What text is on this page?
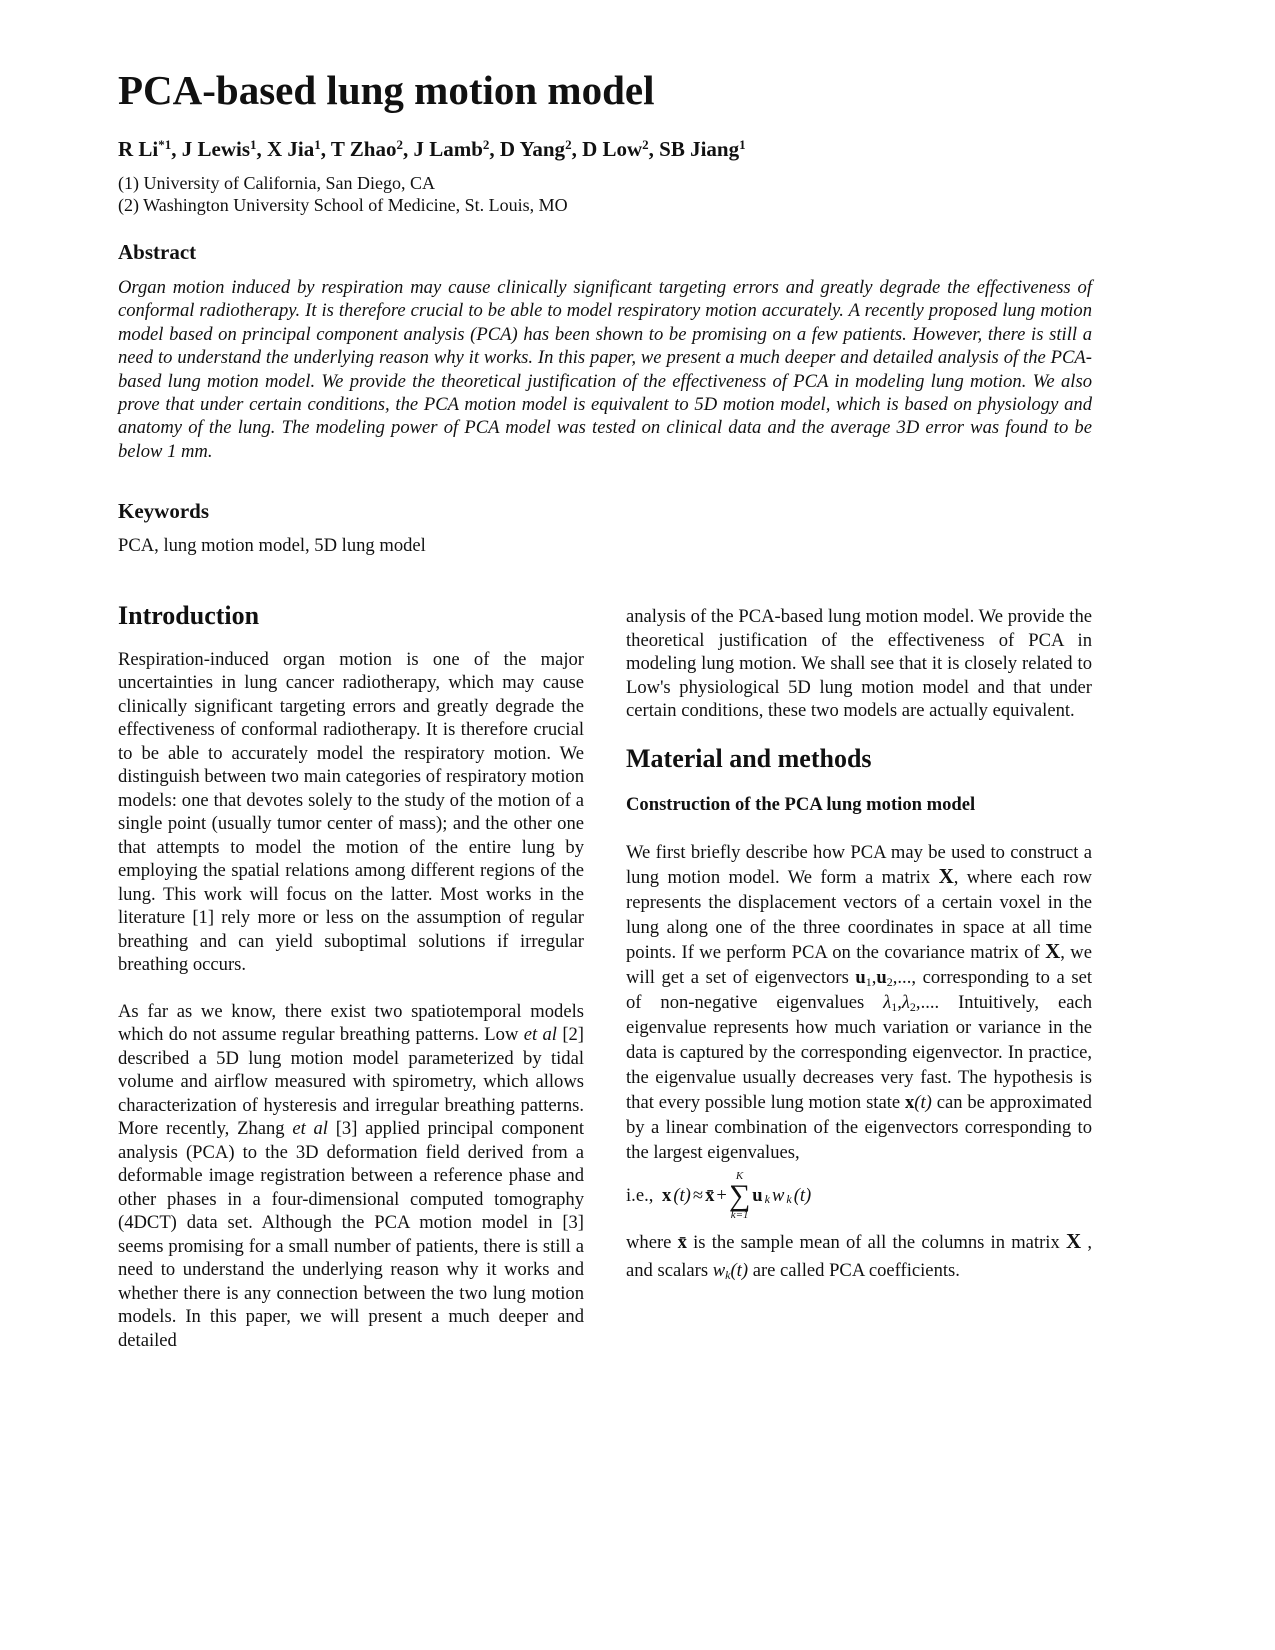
PCA-based lung motion model
R Li$^{*1}$, J Lewis$^1$, X Jia$^1$, T Zhao$^2$, J Lamb$^2$, D Yang$^2$, D Low$^2$, SB Jiang$^1$
(1) University of California, San Diego, CA
(2) Washington University School of Medicine, St. Louis, MO
Abstract
Organ motion induced by respiration may cause clinically significant targeting errors and greatly degrade the effectiveness of conformal radiotherapy. It is therefore crucial to be able to model respiratory motion accurately. A recently proposed lung motion model based on principal component analysis (PCA) has been shown to be promising on a few patients. However, there is still a need to understand the underlying reason why it works. In this paper, we present a much deeper and detailed analysis of the PCA-based lung motion model. We provide the theoretical justification of the effectiveness of PCA in modeling lung motion. We also prove that under certain conditions, the PCA motion model is equivalent to 5D motion model, which is based on physiology and anatomy of the lung. The modeling power of PCA model was tested on clinical data and the average 3D error was found to be below 1 mm.
Keywords
PCA, lung motion model, 5D lung model
Introduction

Respiration-induced organ motion is one of the major uncertainties in lung cancer radiotherapy, which may cause clinically significant targeting errors and greatly degrade the effectiveness of conformal radiotherapy. It is therefore crucial to be able to accurately model the respiratory motion. We distinguish between two main categories of respiratory motion models: one that devotes solely to the study of the motion of a single point (usually tumor center of mass); and the other one that attempts to model the motion of the entire lung by employing the spatial relations among different regions of the lung. This work will focus on the latter. Most works in the literature [1] rely more or less on the assumption of regular breathing and can yield suboptimal solutions if irregular breathing occurs.

As far as we know, there exist two spatiotemporal models which do not assume regular breathing patterns. Low et al [2] described a 5D lung motion model parameterized by tidal volume and airflow measured with spirometry, which allows characterization of hysteresis and irregular breathing patterns. More recently, Zhang et al [3] applied principal component analysis (PCA) to the 3D deformation field derived from a deformable image registration between a reference phase and other phases in a four-dimensional computed tomography (4DCT) data set. Although the PCA motion model in [3] seems promising for a small number of patients, there is still a need to understand the underlying reason why it works and whether there is any connection between the two lung motion models. In this paper, we will present a much deeper and detailed

analysis of the PCA-based lung motion model. We provide the theoretical justification of the effectiveness of PCA in modeling lung motion. We shall see that it is closely related to Low's physiological 5D lung motion model and that under certain conditions, these two models are actually equivalent.

Material and methods
Construction of the PCA lung motion model

We first briefly describe how PCA may be used to construct a lung motion model. We form a matrix X, where each row represents the displacement vectors of a certain voxel in the lung along one of the three coordinates in space at all time points. If we perform PCA on the covariance matrix of X, we will get a set of eigenvectors $u_1,u_2$,..., corresponding to a set of non-negative eigenvalues $\lambda_1,\lambda_2$,.... Intuitively, each eigenvalue represents how much variation or variance in the data is captured by the corresponding eigenvector. In practice, the eigenvalue usually decreases very fast. The hypothesis is that every possible lung motion state x(t) can be approximated by a linear combination of the eigenvectors corresponding to the largest eigenvalues,

i.e.,
x (t) ≈ x̄ +
K
∑
k=1
u $_k$ w $_k$ (t)

where x̄ is the sample mean of all the columns in matrix X , and scalars $w_k(t)$ are called PCA coefficients.
